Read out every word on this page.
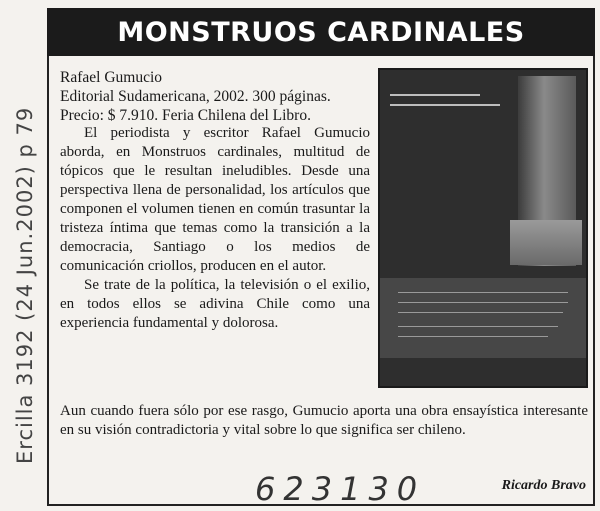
Ercilla 3192 (24 Jun.2002) p 79
MONSTRUOS CARDINALES
Rafael Gumucio
Editorial Sudamericana, 2002. 300 páginas.
Precio: $ 7.910. Feria Chilena del Libro.

El periodista y escritor Rafael Gumucio aborda, en Monstruos cardinales, multitud de tópicos que le resultan ineludibles. Desde una perspectiva llena de personalidad, los artículos que componen el volumen tienen en común trasuntar la tristeza íntima que temas como la transición a la democracia, Santiago o los medios de comunicación criollos, producen en el autor.

Se trate de la política, la televisión o el exilio, en todos ellos se adivina Chile como una experiencia fundamental y dolorosa.

Aun cuando fuera sólo por ese rasgo, Gumucio aporta una obra ensayística interesante en su visión contradictoria y vital sobre lo que significa ser chileno.

623130	Ricardo Bravo
